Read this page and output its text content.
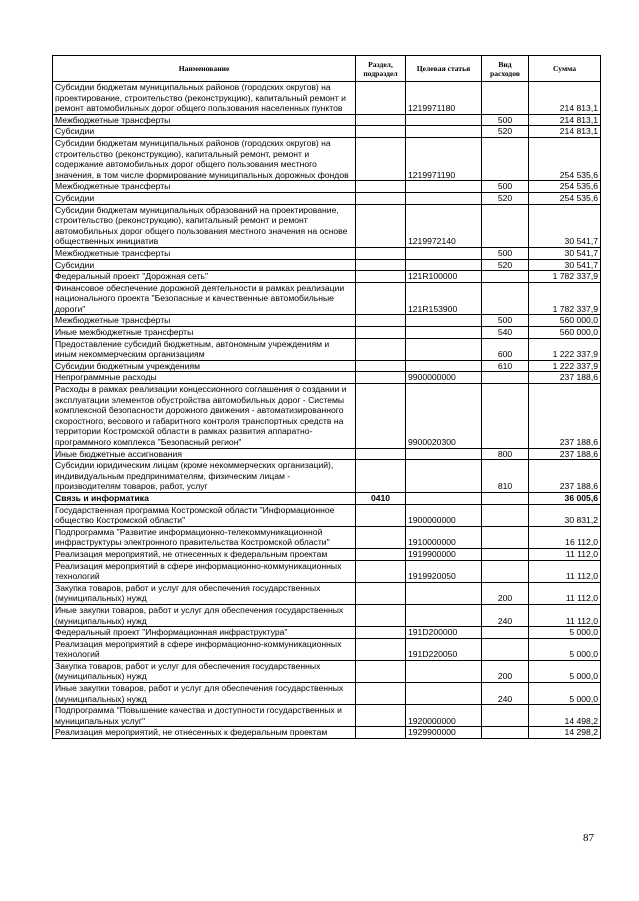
Наименование	Раздел, подраздел	Целевая статья	Вид расходов	Сумма
Субсидии бюджетам муниципальных районов (городских округов) на проектирование, строительство (реконструкцию), капитальный ремонт и ремонт автомобильных дорог общего пользования населенных пунктов		1219971180		214 813,1
Межбюджетные трансферты			500	214 813,1
Субсидии			520	214 813,1
Субсидии бюджетам муниципальных районов (городских округов) на строительство (реконструкцию), капитальный ремонт, ремонт и содержание автомобильных дорог общего пользования местного значения, в том числе формирование муниципальных дорожных фондов		1219971190		254 535,6
Межбюджетные трансферты			500	254 535,6
Субсидии			520	254 535,6
Субсидии бюджетам муниципальных образований на проектирование, строительство (реконструкцию), капитальный ремонт и ремонт автомобильных дорог общего пользования местного значения на основе общественных инициатив		1219972140		30 541,7
Межбюджетные трансферты			500	30 541,7
Субсидии			520	30 541,7
Федеральный проект "Дорожная сеть"		121R100000		1 782 337,9
Финансовое обеспечение дорожной деятельности в рамках реализации национального проекта "Безопасные и качественные автомобильные дороги"		121R153900		1 782 337,9
Межбюджетные трансферты			500	560 000,0
Иные межбюджетные трансферты			540	560 000,0
Предоставление субсидий бюджетным, автономным учреждениям и иным некоммерческим организациям			600	1 222 337,9
Субсидии бюджетным учреждениям			610	1 222 337,9
Непрограммные расходы		9900000000		237 188,6
Расходы в рамках реализации концессионного соглашения о создании и эксплуатации элементов обустройства автомобильных дорог - Системы комплексной безопасности дорожного движения - автоматизированного скоростного, весового и габаритного контроля транспортных средств на территории Костромской области в рамках развития аппаратно-программного комплекса "Безопасный регион"		9900020300		237 188,6
Иные бюджетные ассигнования			800	237 188,6
Субсидии юридическим лицам (кроме некоммерческих организаций), индивидуальным предпринимателям, физическим лицам - производителям товаров, работ, услуг			810	237 188,6
Связь и информатика	0410			36 005,6
Государственная программа Костромской области "Информационное общество Костромской области"		1900000000		30 831,2
Подпрограмма "Развитие информационно-телекоммуникационной инфраструктуры электронного правительства Костромской области"		1910000000		16 112,0
Реализация мероприятий, не отнесенных к федеральным проектам		1919900000		11 112,0
Реализация мероприятий в сфере информационно-коммуникационных технологий		1919920050		11 112,0
Закупка товаров, работ и услуг для обеспечения государственных (муниципальных) нужд			200	11 112,0
Иные закупки товаров, работ и услуг для обеспечения государственных (муниципальных) нужд			240	11 112,0
Федеральный проект "Информационная инфраструктура"		191D200000		5 000,0
Реализация мероприятий в сфере информационно-коммуникационных технологий		191D220050		5 000,0
Закупка товаров, работ и услуг для обеспечения государственных (муниципальных) нужд			200	5 000,0
Иные закупки товаров, работ и услуг для обеспечения государственных (муниципальных) нужд			240	5 000,0
Подпрограмма "Повышение качества и доступности государственных и муниципальных услуг"		1920000000		14 498,2
Реализация мероприятий, не отнесенных к федеральным проектам		1929900000		14 298,2
87
